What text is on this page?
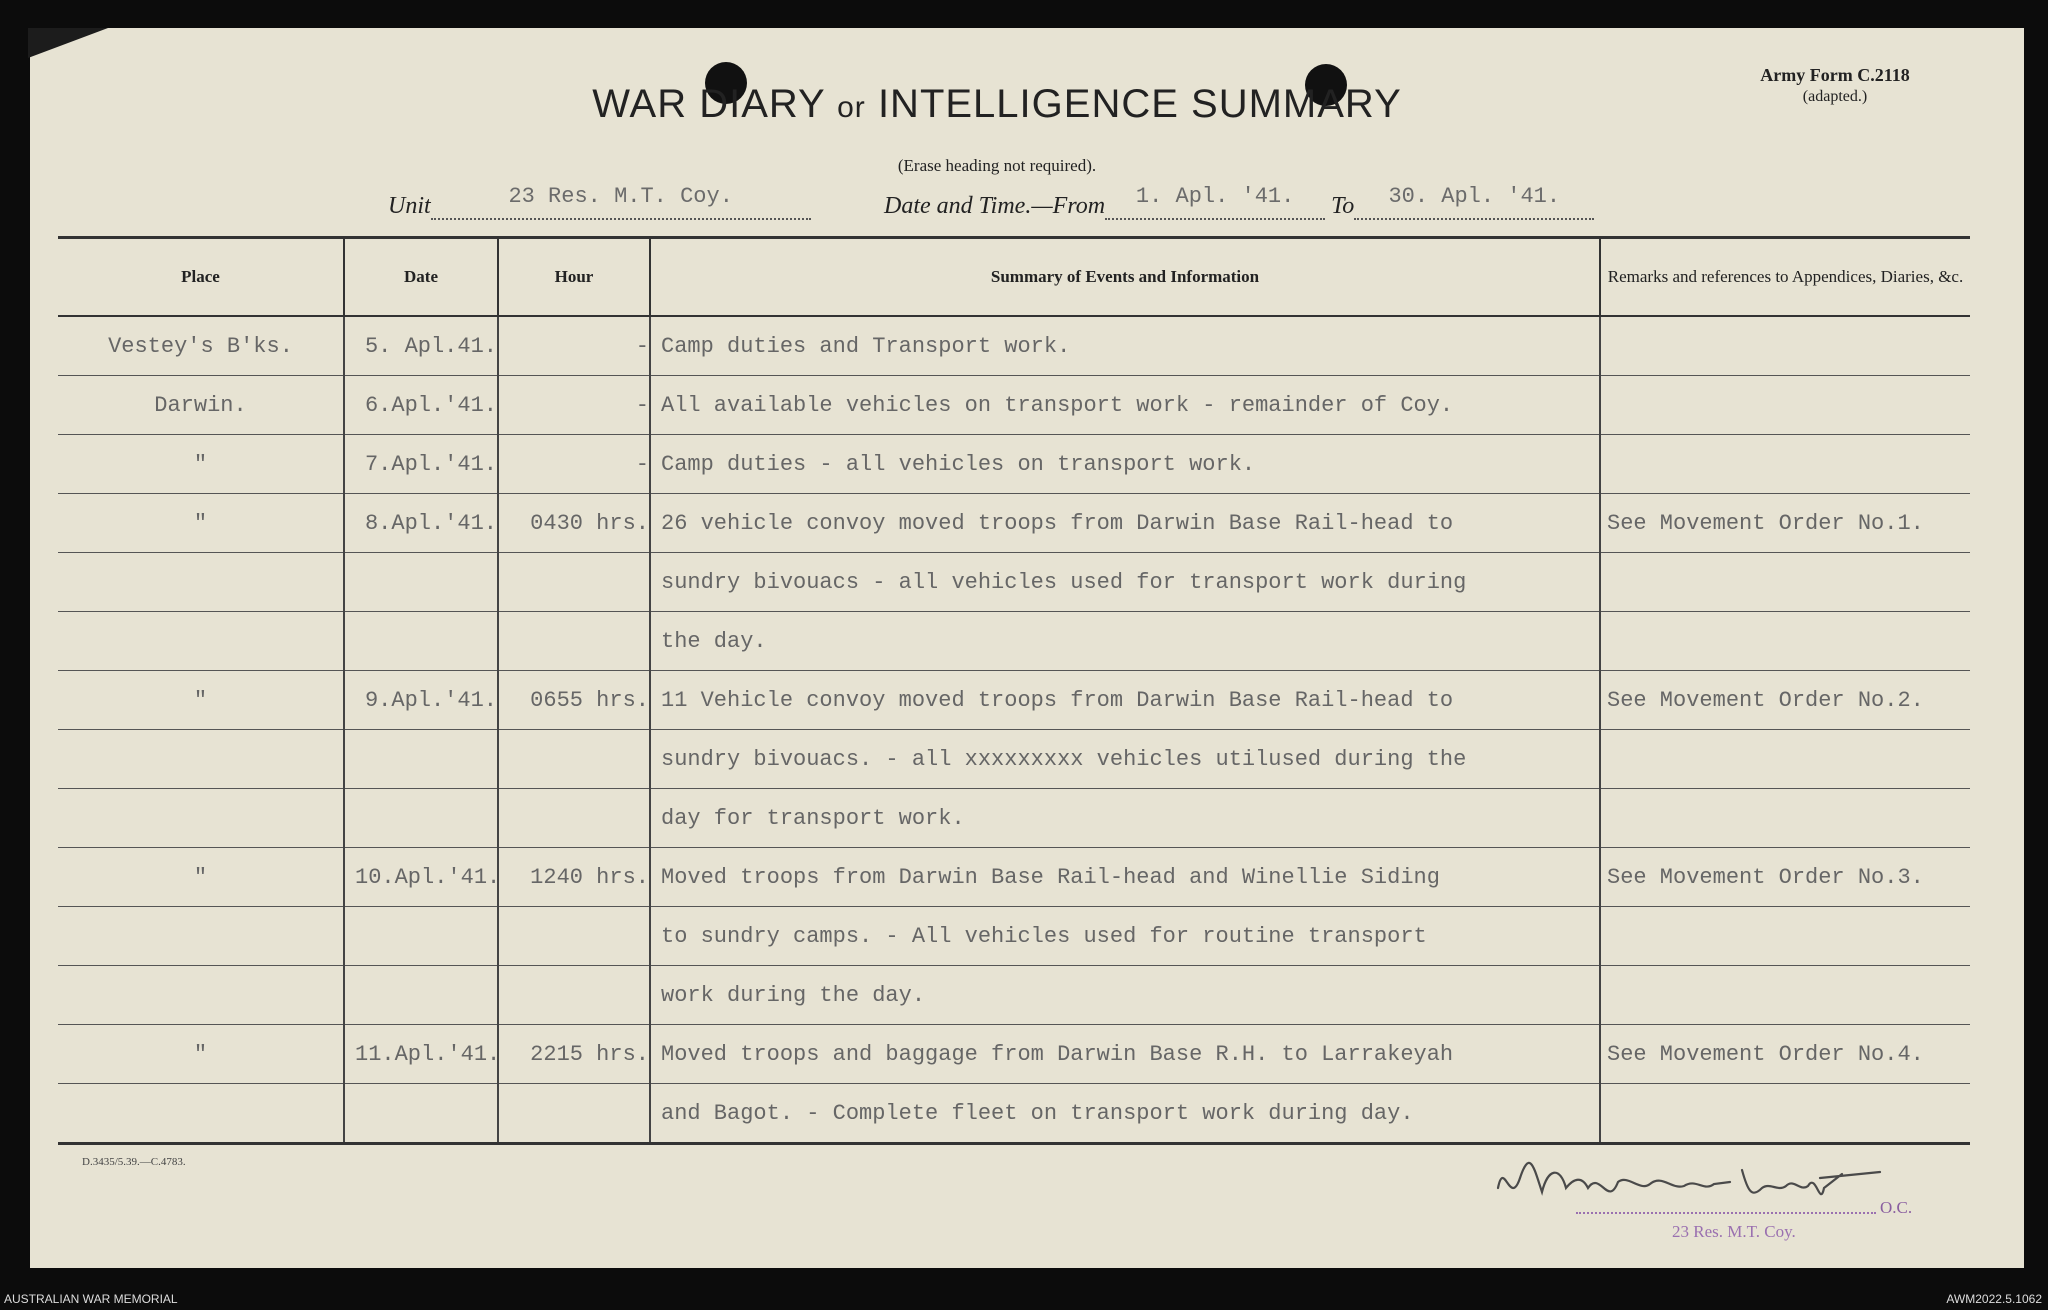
WAR DIARY or INTELLIGENCE SUMMARY
(Erase heading not required).
Army Form C.2118
(adapted.)
Unit	23 Res. M.T. Coy.	Date and Time.—From 1. Apl. '41. To 30. Apl. '41.
Place	Date	Hour	Summary of Events and Information	Remarks and references to Appendices, Diaries, &c.
Vestey's B'ks.	5. Apl.41.	-	Camp duties and Transport work.	
Darwin.	6.Apl.'41.	-	All available vehicles on transport work - remainder of Coy.	
"	7.Apl.'41.	-	Camp duties - all vehicles on transport work.	
"	8.Apl.'41.	0430 hrs.	26 vehicle convoy moved troops from Darwin Base Rail-head to	See Movement Order No.1.
			sundry bivouacs - all vehicles used for transport work during	
			the day.	
"	9.Apl.'41.	0655 hrs.	11 Vehicle convoy moved troops from Darwin Base Rail-head to	See Movement Order No.2.
			sundry bivouacs. - all xxxxxxxxx vehicles utilused during the	
			day for transport work.	
"	10.Apl.'41.	1240 hrs.	Moved troops from Darwin Base Rail-head and Winellie Siding	See Movement Order No.3.
			to sundry camps. - All vehicles used for routine transport	
			work during the day.	
"	11.Apl.'41.	2215 hrs.	Moved troops and baggage from Darwin Base R.H. to Larrakeyah	See Movement Order No.4.
			and Bagot. - Complete fleet on transport work during day.	
D.3435/5.39.—C.4783.
O.C.
23 Res. M.T. Coy.
AUSTRALIAN WAR MEMORIAL	AWM2022.5.1062
